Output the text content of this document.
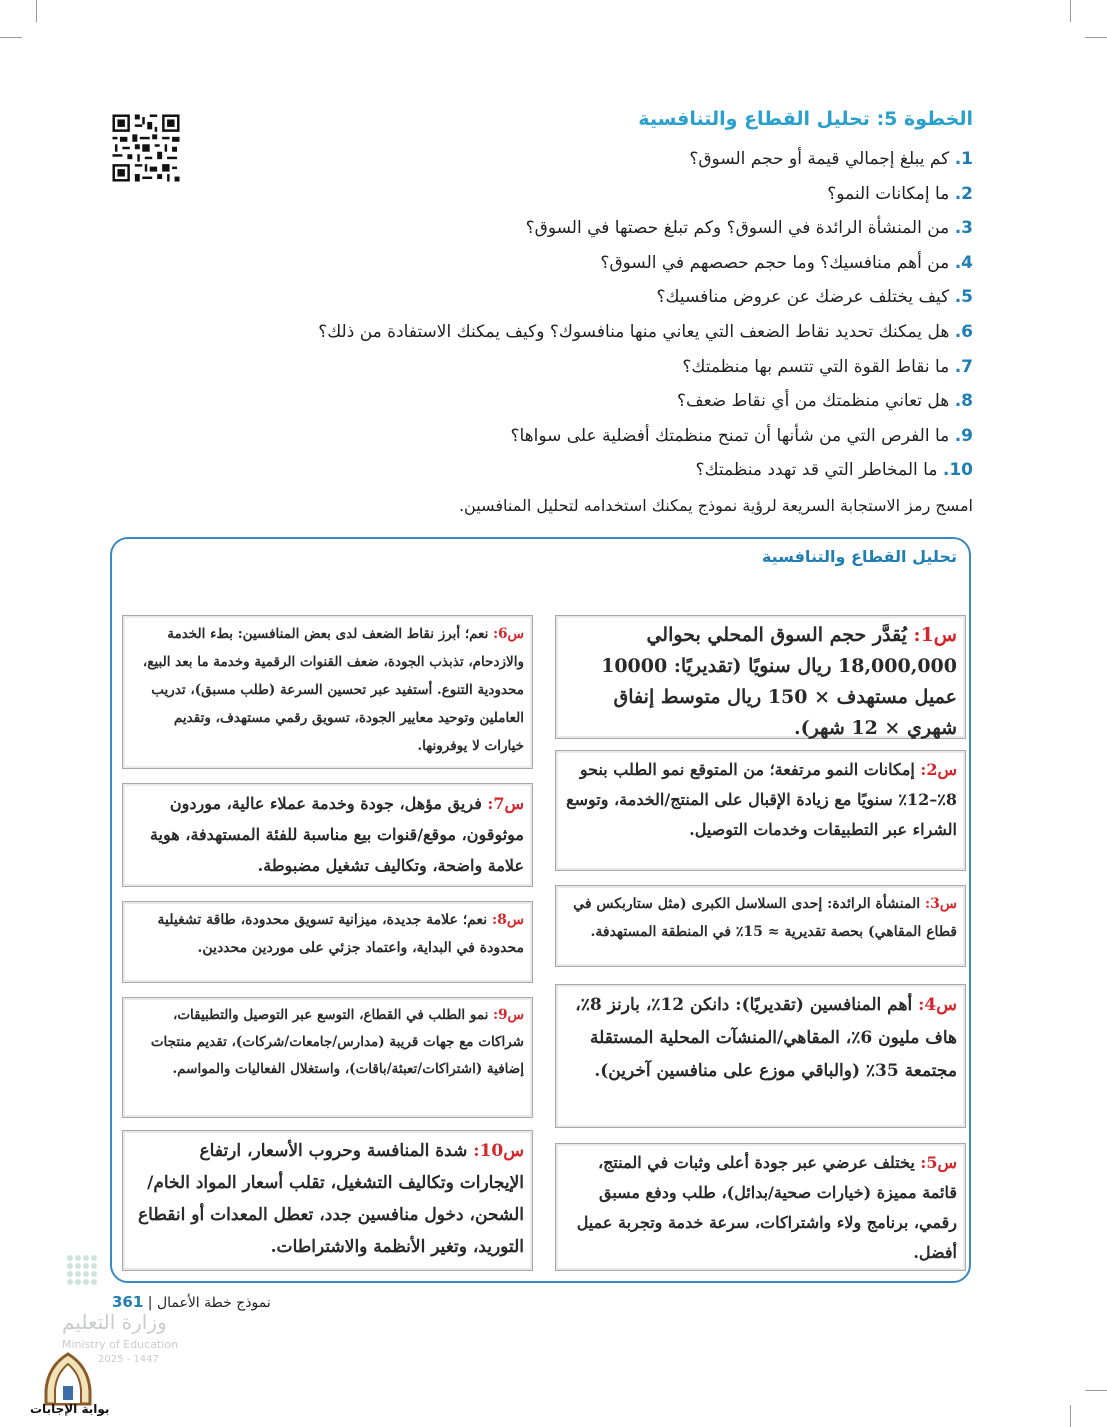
الخطوة 5: تحليل القطاع والتنافسية
1. كم يبلغ إجمالي قيمة أو حجم السوق؟
2. ما إمكانات النمو؟
3. من المنشأة الرائدة في السوق؟ وكم تبلغ حصتها في السوق؟
4. من أهم منافسيك؟ وما حجم حصصهم في السوق؟
5. كيف يختلف عرضك عن عروض منافسيك؟
6. هل يمكنك تحديد نقاط الضعف التي يعاني منها منافسوك؟ وكيف يمكنك الاستفادة من ذلك؟
7. ما نقاط القوة التي تتسم بها منظمتك؟
8. هل تعاني منظمتك من أي نقاط ضعف؟
9. ما الفرص التي من شأنها أن تمنح منظمتك أفضلية على سواها؟
10. ما المخاطر التي قد تهدد منظمتك؟
امسح رمز الاستجابة السريعة لرؤية نموذج يمكنك استخدامه لتحليل المنافسين.
تحليل القطاع والتنافسية
س1: يُقدَّر حجم السوق المحلي بحوالي 18,000,000 ريال سنويًا (تقديريًا: 10000 عميل مستهدف × 150 ريال متوسط إنفاق شهري × 12 شهر).
س2: إمكانات النمو مرتفعة؛ من المتوقع نمو الطلب بنحو 8٪–12٪ سنويًا مع زيادة الإقبال على المنتج/الخدمة، وتوسع الشراء عبر التطبيقات وخدمات التوصيل.
س3: المنشأة الرائدة: إحدى السلاسل الكبرى (مثل ستاربكس في قطاع المقاهي) بحصة تقديرية ≈ 15٪ في المنطقة المستهدفة.
س4: أهم المنافسين (تقديريًا): دانكن 12٪، بارنز 8٪، هاف مليون 6٪، المقاهي/المنشآت المحلية المستقلة مجتمعة 35٪ (والباقي موزع على منافسين آخرين).
س5: يختلف عرضي عبر جودة أعلى وثبات في المنتج، قائمة مميزة (خيارات صحية/بدائل)، طلب ودفع مسبق رقمي، برنامج ولاء واشتراكات، سرعة خدمة وتجربة عميل أفضل.
س6: نعم؛ أبرز نقاط الضعف لدى بعض المنافسين: بطء الخدمة والازدحام، تذبذب الجودة، ضعف القنوات الرقمية وخدمة ما بعد البيع، محدودية التنوع. أستفيد عبر تحسين السرعة (طلب مسبق)، تدريب العاملين وتوحيد معايير الجودة، تسويق رقمي مستهدف، وتقديم خيارات لا يوفرونها.
س7: فريق مؤهل، جودة وخدمة عملاء عالية، موردون موثوقون، موقع/قنوات بيع مناسبة للفئة المستهدفة، هوية علامة واضحة، وتكاليف تشغيل مضبوطة.
س8: نعم؛ علامة جديدة، ميزانية تسويق محدودة، طاقة تشغيلية محدودة في البداية، واعتماد جزئي على موردين محددين.
س9: نمو الطلب في القطاع، التوسع عبر التوصيل والتطبيقات، شراكات مع جهات قريبة (مدارس/جامعات/شركات)، تقديم منتجات إضافية (اشتراكات/تعبئة/باقات)، واستغلال الفعاليات والمواسم.
س10: شدة المنافسة وحروب الأسعار، ارتفاع الإيجارات وتكاليف التشغيل، تقلب أسعار المواد الخام/الشحن، دخول منافسين جدد، تعطل المعدات أو انقطاع التوريد، وتغير الأنظمة والاشتراطات.
وزارة التعليم
Ministry of Education
2025 - 1447
نموذج خطة الأعمال | 361
بوابة الإجابات
